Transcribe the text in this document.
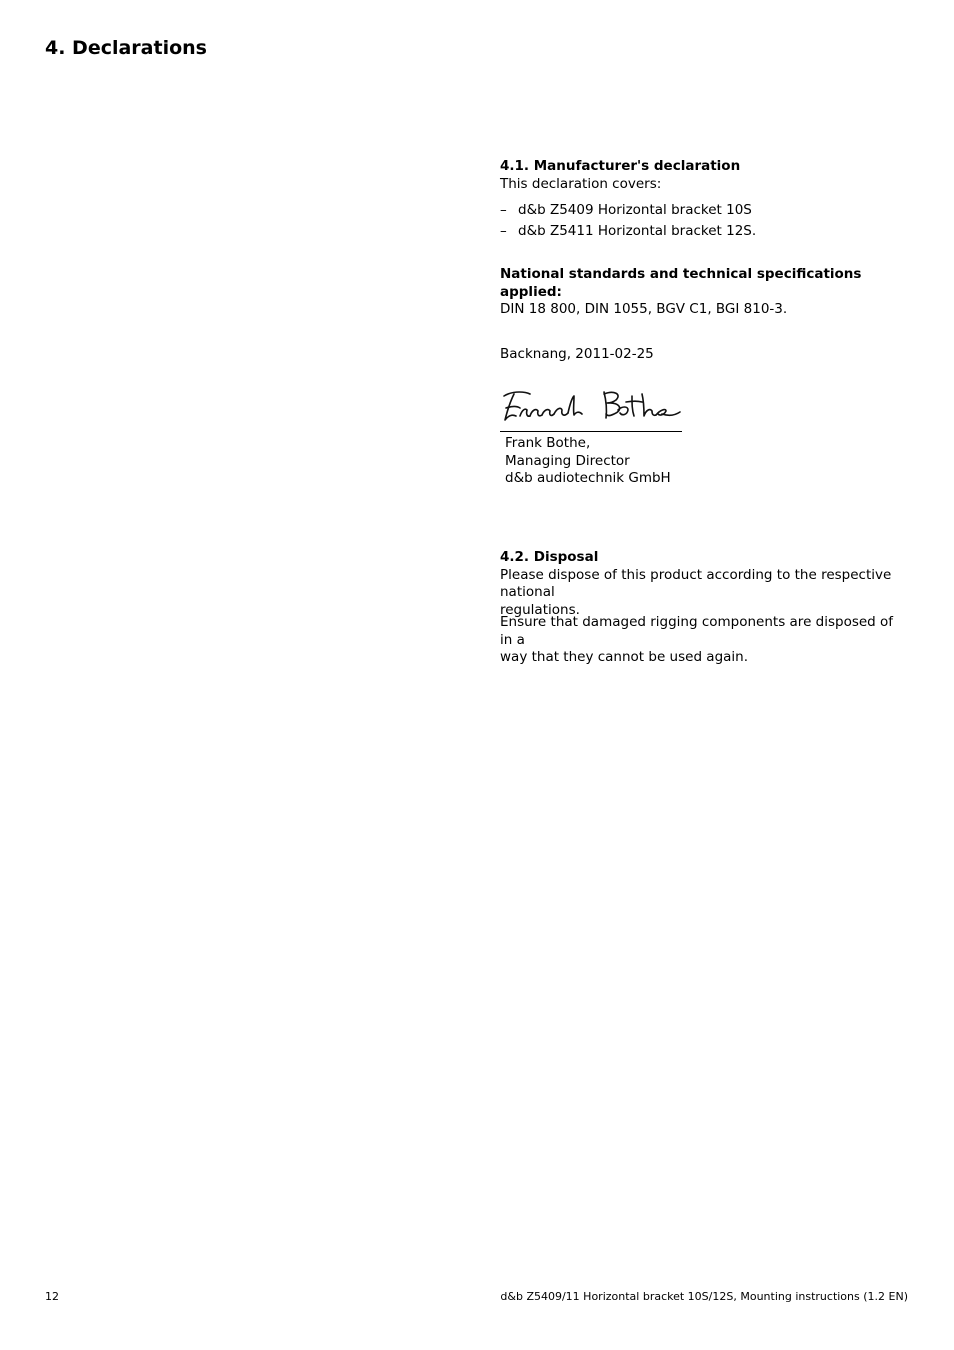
4. Declarations

4.1. Manufacturer's declaration

This declaration covers:

– d&b Z5409 Horizontal bracket 10S

– d&b Z5411 Horizontal bracket 12S.

National standards and technical specifications

applied:

DIN 18 800, DIN 1055, BGV C1, BGI 810-3.

Backnang, 2011-02-25

Frank Bothe,

Managing Director

d&b audiotechnik GmbH

4.2. Disposal

Please dispose of this product according to the respective national

regulations.

Ensure that damaged rigging components are disposed of in a

way that they cannot be used again.

12	d&b Z5409/11 Horizontal bracket 10S/12S, Mounting instructions (1.2 EN)
